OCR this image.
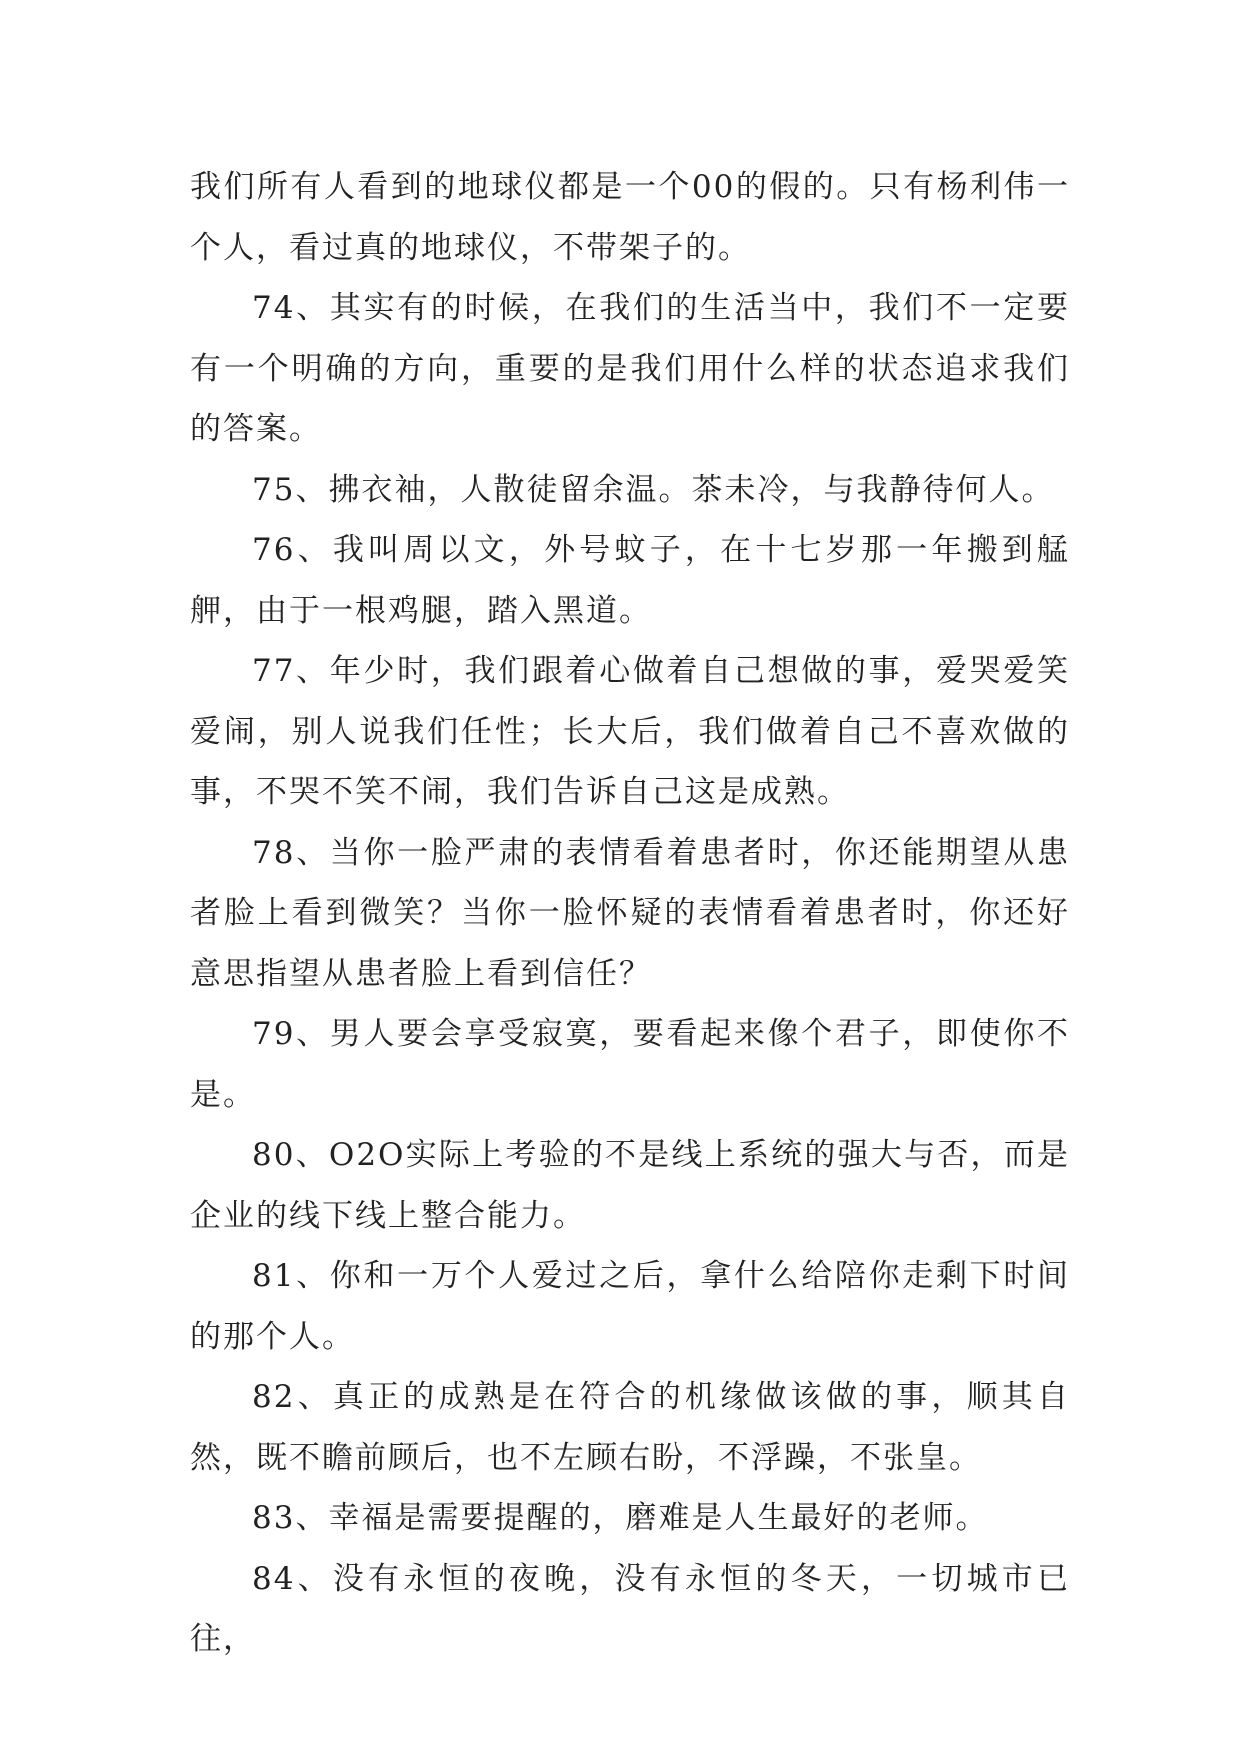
我们所有人看到的地球仪都是一个00的假的。只有杨利伟一个人，看过真的地球仪，不带架子的。

74、其实有的时候，在我们的生活当中，我们不一定要有一个明确的方向，重要的是我们用什么样的状态追求我们的答案。

75、拂衣袖，人散徒留余温。茶未冷，与我静待何人。

76、我叫周以文，外号蚊子，在十七岁那一年搬到艋舺，由于一根鸡腿，踏入黑道。

77、年少时，我们跟着心做着自己想做的事，爱哭爱笑爱闹，别人说我们任性；长大后，我们做着自己不喜欢做的事，不哭不笑不闹，我们告诉自己这是成熟。

78、当你一脸严肃的表情看着患者时，你还能期望从患者脸上看到微笑？当你一脸怀疑的表情看着患者时，你还好意思指望从患者脸上看到信任？

79、男人要会享受寂寞，要看起来像个君子，即使你不是。

80、O2O实际上考验的不是线上系统的强大与否，而是企业的线下线上整合能力。

81、你和一万个人爱过之后，拿什么给陪你走剩下时间的那个人。

82、真正的成熟是在符合的机缘做该做的事，顺其自然，既不瞻前顾后，也不左顾右盼，不浮躁，不张皇。

83、幸福是需要提醒的，磨难是人生最好的老师。

84、没有永恒的夜晚，没有永恒的冬天，一切城市已往，
